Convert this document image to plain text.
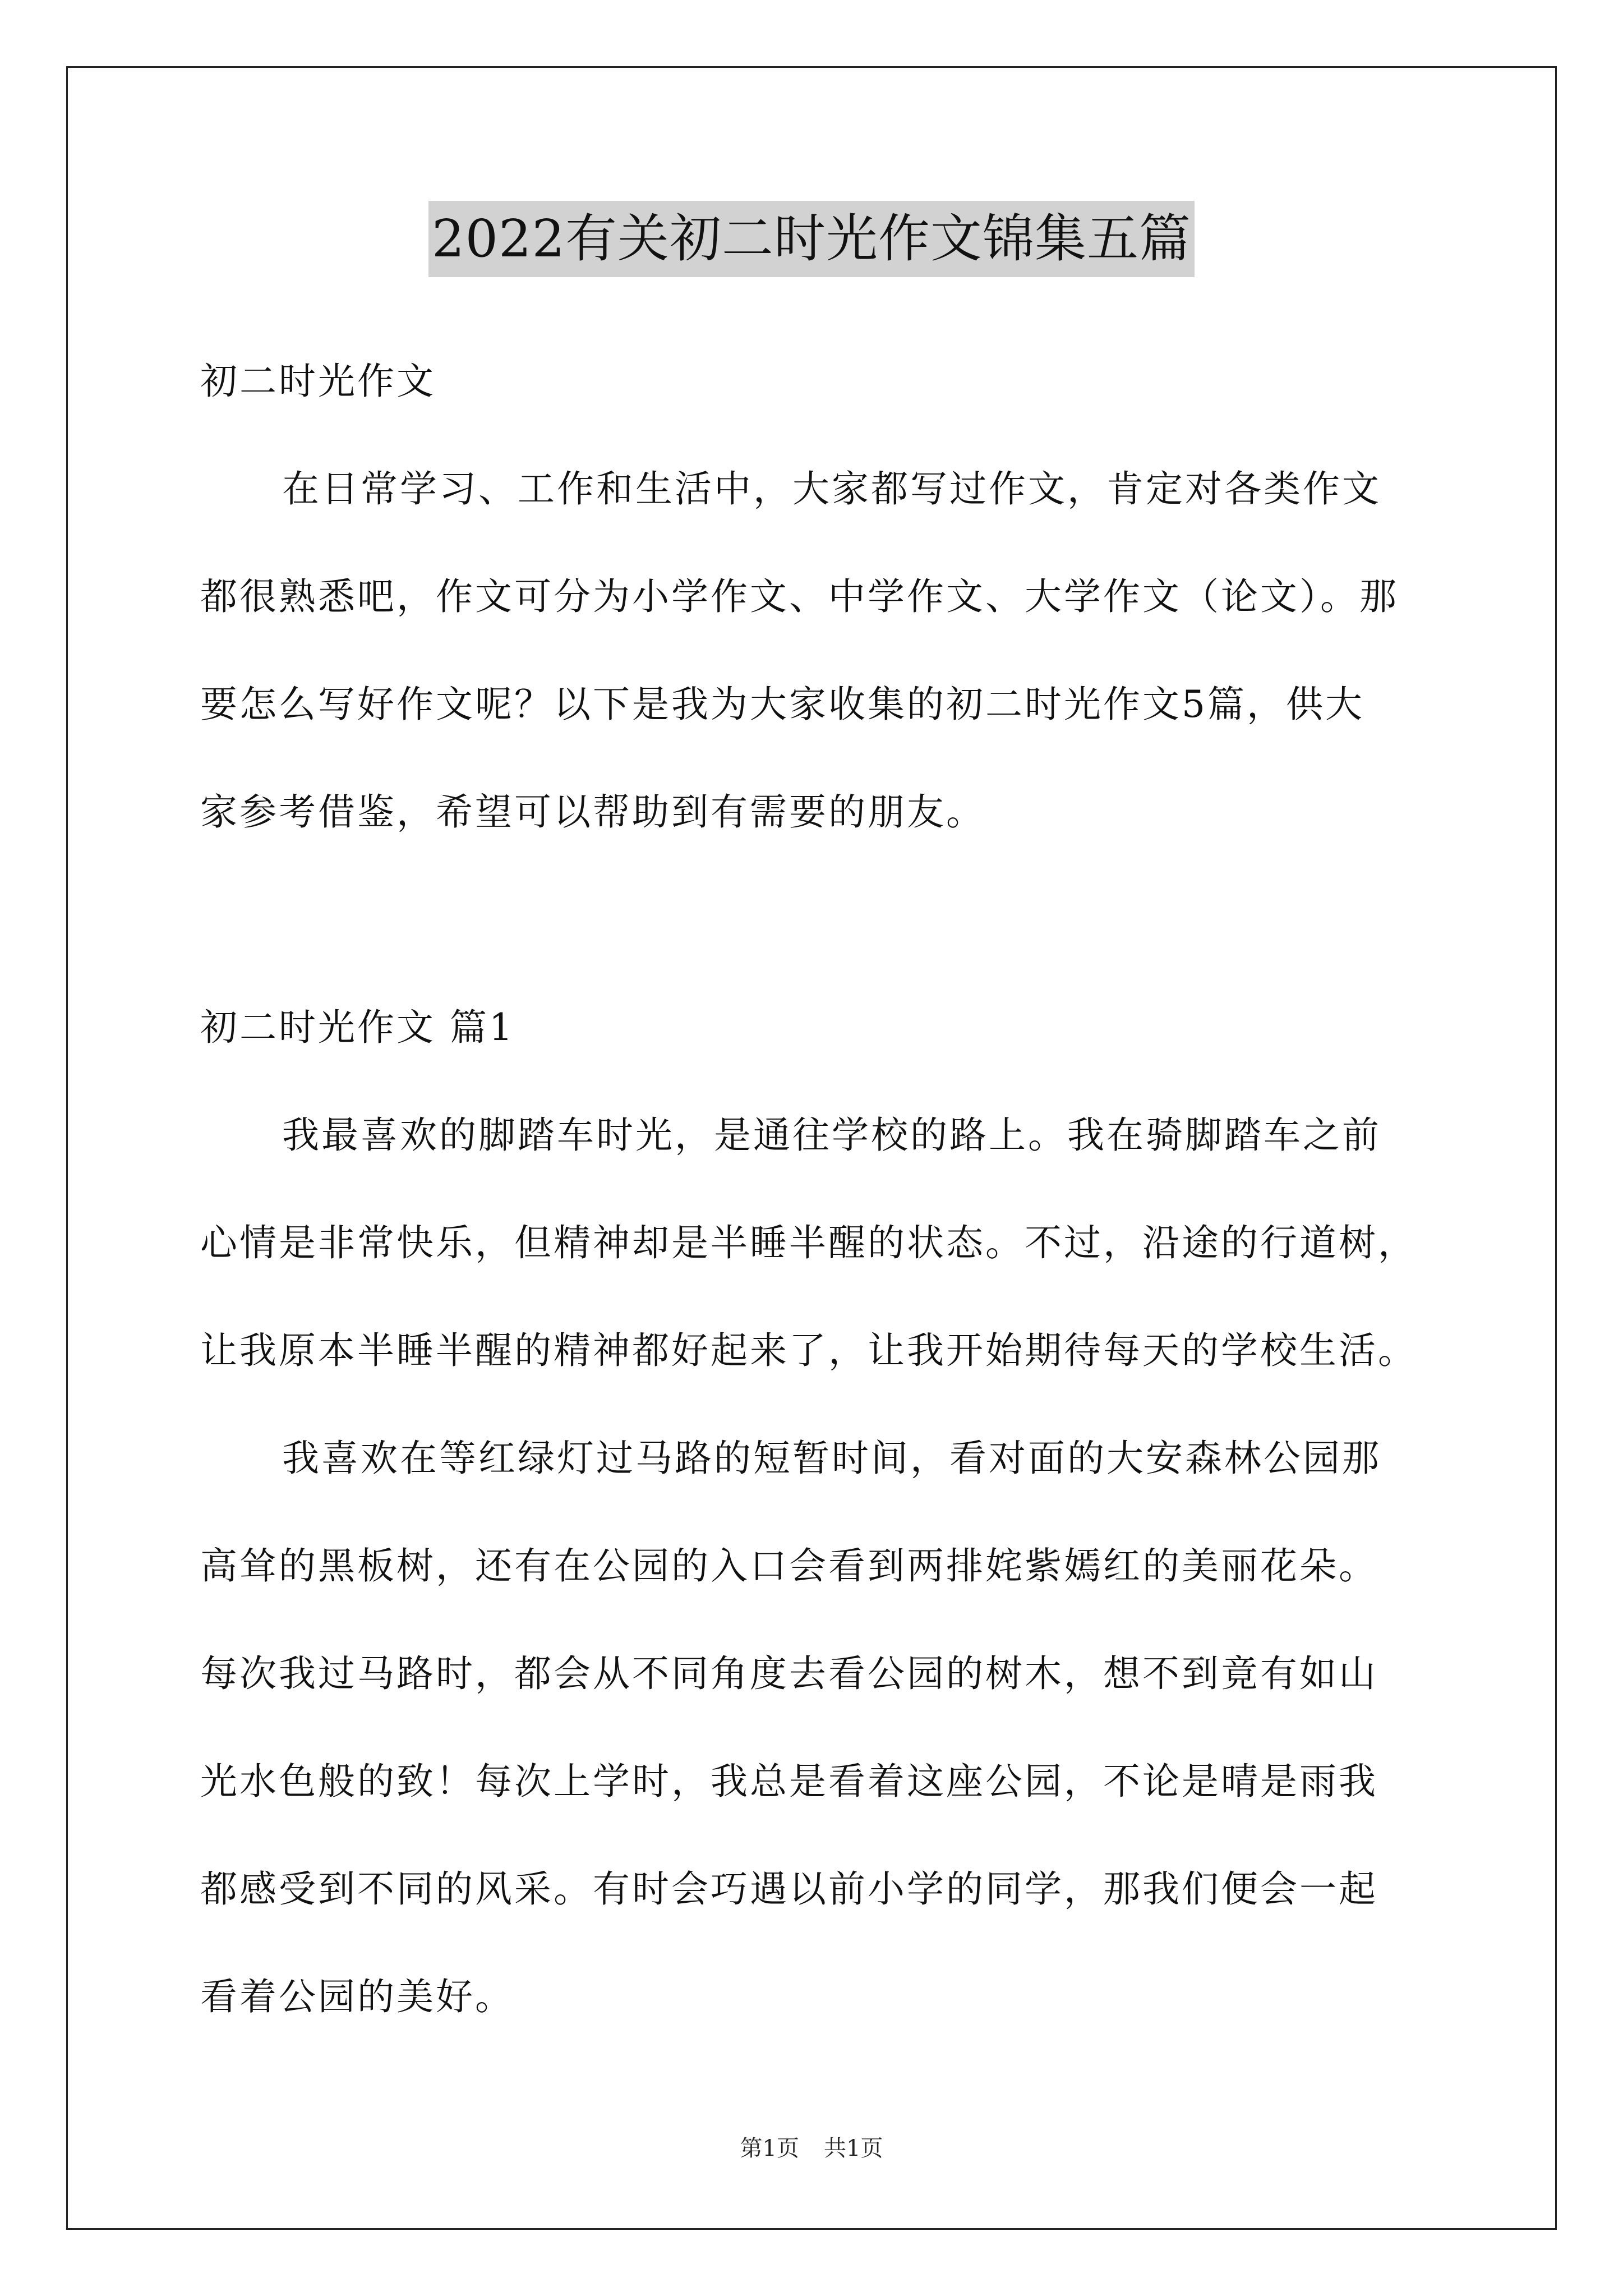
2022有关初二时光作文锦集五篇
初二时光作文
在日常学习、工作和生活中，大家都写过作文，肯定对各类作文
都很熟悉吧，作文可分为小学作文、中学作文、大学作文（论文）。那
要怎么写好作文呢？以下是我为大家收集的初二时光作文5篇，供大
家参考借鉴，希望可以帮助到有需要的朋友。
初二时光作文 篇1
我最喜欢的脚踏车时光，是通往学校的路上。我在骑脚踏车之前
心情是非常快乐，但精神却是半睡半醒的状态。不过，沿途的行道树，
让我原本半睡半醒的精神都好起来了，让我开始期待每天的学校生活。
我喜欢在等红绿灯过马路的短暂时间，看对面的大安森林公园那
高耸的黑板树，还有在公园的入口会看到两排姹紫嫣红的美丽花朵。
每次我过马路时，都会从不同角度去看公园的树木，想不到竟有如山
光水色般的致！每次上学时，我总是看着这座公园，不论是晴是雨我
都感受到不同的风采。有时会巧遇以前小学的同学，那我们便会一起
看着公园的美好。
第1页 共1页
